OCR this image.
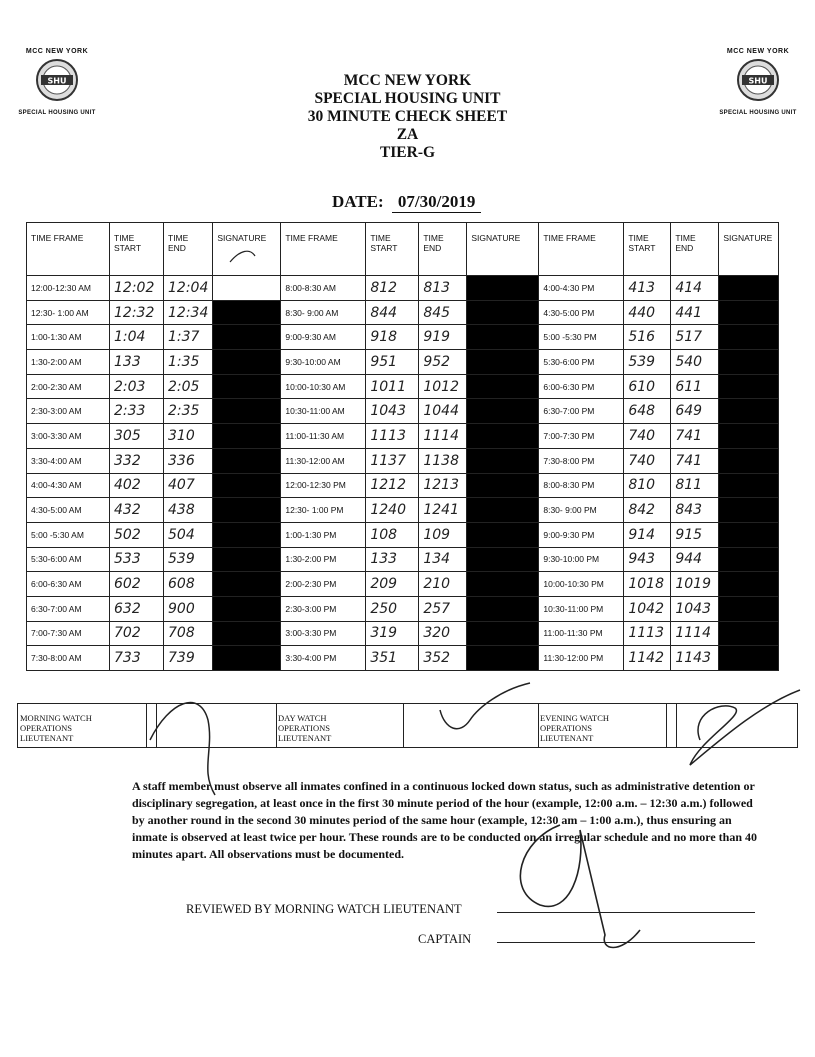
MCC NEW YORK
SHU
SPECIAL HOUSING UNIT
MCC NEW YORK
SHU
SPECIAL HOUSING UNIT
MCC NEW YORK
SPECIAL HOUSING UNIT
30 MINUTE CHECK SHEET
ZA
TIER-G
DATE: 07/30/2019
TIME FRAME	TIME START	TIME END	SIGNATURE	TIME FRAME	TIME START	TIME END	SIGNATURE	TIME FRAME	TIME START	TIME END	SIGNATURE
12:00-12:30 AM	12:02	12:04		8:00-8:30 AM	812	813		4:00-4:30 PM	413	414	
12:30- 1:00 AM	12:32	12:34		8:30- 9:00 AM	844	845		4:30-5:00 PM	440	441	
1:00-1:30 AM	1:04	1:37		9:00-9:30 AM	918	919		5:00 -5:30 PM	516	517	
1:30-2:00 AM	133	1:35		9:30-10:00 AM	951	952		5:30-6:00 PM	539	540	
2:00-2:30 AM	2:03	2:05		10:00-10:30 AM	1011	1012		6:00-6:30 PM	610	611	
2:30-3:00 AM	2:33	2:35		10:30-11:00 AM	1043	1044		6:30-7:00 PM	648	649	
3:00-3:30 AM	305	310		11:00-11:30 AM	1113	1114		7:00-7:30 PM	740	741	
3:30-4:00 AM	332	336		11:30-12:00 AM	1137	1138		7:30-8:00 PM	740	741	
4:00-4:30 AM	402	407		12:00-12:30 PM	1212	1213		8:00-8:30 PM	810	811	
4:30-5:00 AM	432	438		12:30- 1:00 PM	1240	1241		8:30- 9:00 PM	842	843	
5:00 -5:30 AM	502	504		1:00-1:30 PM	108	109		9:00-9:30 PM	914	915	
5:30-6:00 AM	533	539		1:30-2:00 PM	133	134		9:30-10:00 PM	943	944	
6:00-6:30 AM	602	608		2:00-2:30 PM	209	210		10:00-10:30 PM	1018	1019	
6:30-7:00 AM	632	900		2:30-3:00 PM	250	257		10:30-11:00 PM	1042	1043	
7:00-7:30 AM	702	708		3:00-3:30 PM	319	320		11:00-11:30 PM	1113	1114	
7:30-8:00 AM	733	739		3:30-4:00 PM	351	352		11:30-12:00 PM	1142	1143	
MORNING WATCH OPERATIONS LIEUTENANT
DAY WATCH OPERATIONS LIEUTENANT
EVENING WATCH OPERATIONS LIEUTENANT
A staff member must observe all inmates confined in a continuous locked down status, such as administrative detention or disciplinary segregation, at least once in the first 30 minute period of the hour (example, 12:00 a.m. – 12:30 a.m.) followed by another round in the second 30 minutes period of the same hour (example, 12:30 am – 1:00 a.m.), thus ensuring an inmate is observed at least twice per hour. These rounds are to be conducted on an irregular schedule and no more than 40 minutes apart. All observations must be documented.
REVIEWED BY MORNING WATCH LIEUTENANT
CAPTAIN
